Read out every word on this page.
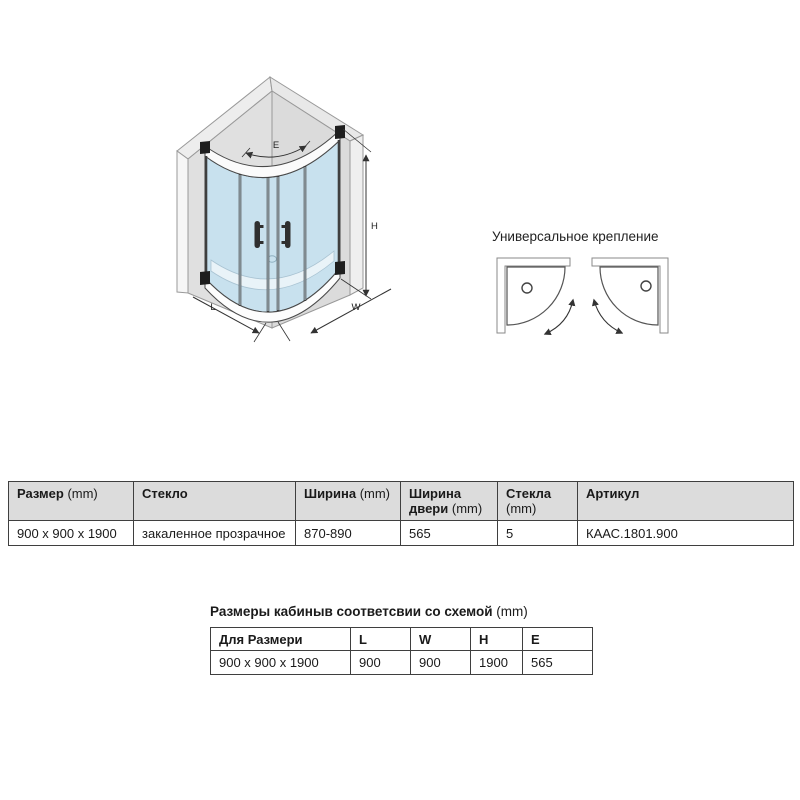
E
H
L	W
Универсальное крепление
Размер (mm)	Стекло	Ширина (mm)	Ширина двери (mm)	Стекла (mm)	Артикул
900 x 900 x 1900	закаленное прозрачное	870-890	565	5	КААС.1801.900
Размеры кабиныв соответсвии со схемой (mm)
Для Размери	L	W	H	E
900 x 900 x 1900	900	900	1900	565
